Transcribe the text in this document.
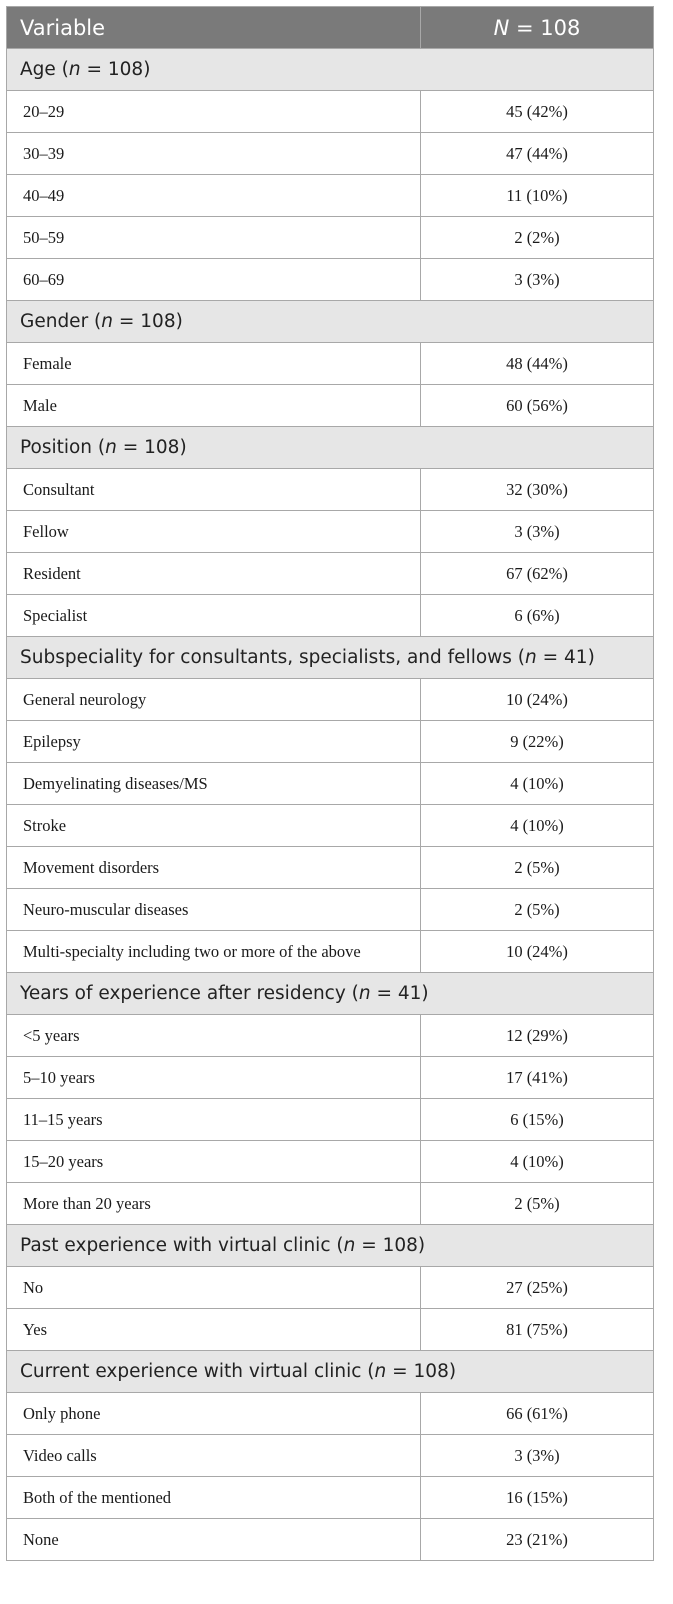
Variable	N = 108
Age (n = 108)	
20–29	45 (42%)
30–39	47 (44%)
40–49	11 (10%)
50–59	2 (2%)
60–69	3 (3%)
Gender (n = 108)	
Female	48 (44%)
Male	60 (56%)
Position (n = 108)	
Consultant	32 (30%)
Fellow	3 (3%)
Resident	67 (62%)
Specialist	6 (6%)
Subspeciality for consultants, specialists, and fellows (n = 41)	
General neurology	10 (24%)
Epilepsy	9 (22%)
Demyelinating diseases/MS	4 (10%)
Stroke	4 (10%)
Movement disorders	2 (5%)
Neuro-muscular diseases	2 (5%)
Multi-specialty including two or more of the above	10 (24%)
Years of experience after residency (n = 41)	
<5 years	12 (29%)
5–10 years	17 (41%)
11–15 years	6 (15%)
15–20 years	4 (10%)
More than 20 years	2 (5%)
Past experience with virtual clinic (n = 108)	
No	27 (25%)
Yes	81 (75%)
Current experience with virtual clinic (n = 108)	
Only phone	66 (61%)
Video calls	3 (3%)
Both of the mentioned	16 (15%)
None	23 (21%)
